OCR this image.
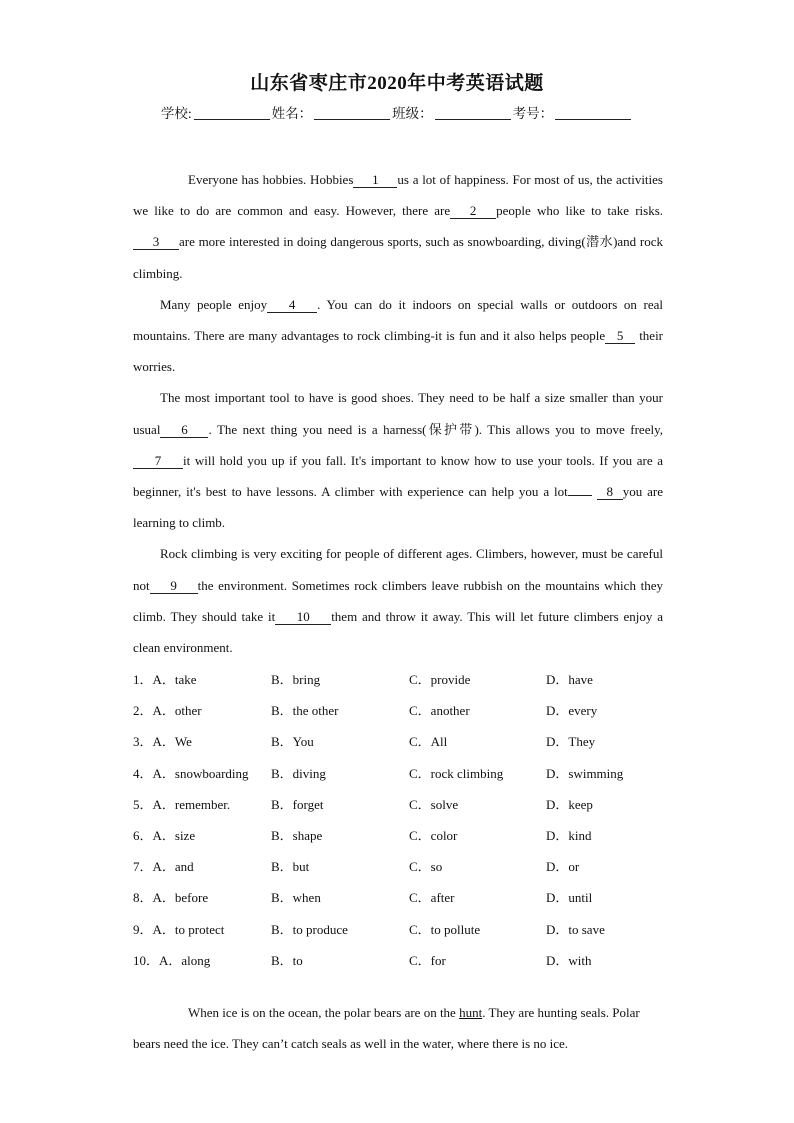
山东省枣庄市2020年中考英语试题
学校:	姓名：	班级：	考号：

Everyone has hobbies. Hobbies 1 us a lot of happiness. For most of us, the activities we like to do are common and easy. However, there are 2 people who like to take risks.3 are more interested in doing dangerous sports, such as snowboarding, diving(潜水)and rock climbing.

Many people enjoy 4 . You can do it indoors on special walls or outdoors on real mountains. There are many advantages to rock climbing-it is fun and it also helps people 5 their worries.

The most important tool to have is good shoes. They need to be half a size smaller than your usual 6 . The next thing you need is a harness(保护带). This allows you to move freely, 7 it will hold you up if you fall. It's important to know how to use your tools. If you are a beginner, it's best to have lessons. A climber with experience can help you a lot	8 you are learning to climb.

Rock climbing is very exciting for people of different ages. Climbers, however, must be careful not 9 the environment. Sometimes rock climbers leave rubbish on the mountains which they climb. They should take it 10 them and throw it away. This will let future climbers enjoy a clean environment.

1．A．take	B．bring	C．provide	D．have
2．A．other	B．the other	C．another	D．every
3．A．We	B．You	C．All	D．They
4．A．snowboarding B．diving	C．rock climbing	D．swimming
5．A．remember.	B．forget	C．solve	D．keep
6．A．size	B．shape	C．color	D．kind
7．A．and	B．but	C．so	D．or
8．A．before	B．when	C．after	D．until
9．A．to protect	B．to produce	C．to pollute	D．to save
10．A．along	B．to	C．for	D．with

When ice is on the ocean, the polar bears are on the hunt. They are hunting seals. Polar bears need the ice. They can’t catch seals as well in the water, where there is no ice.
